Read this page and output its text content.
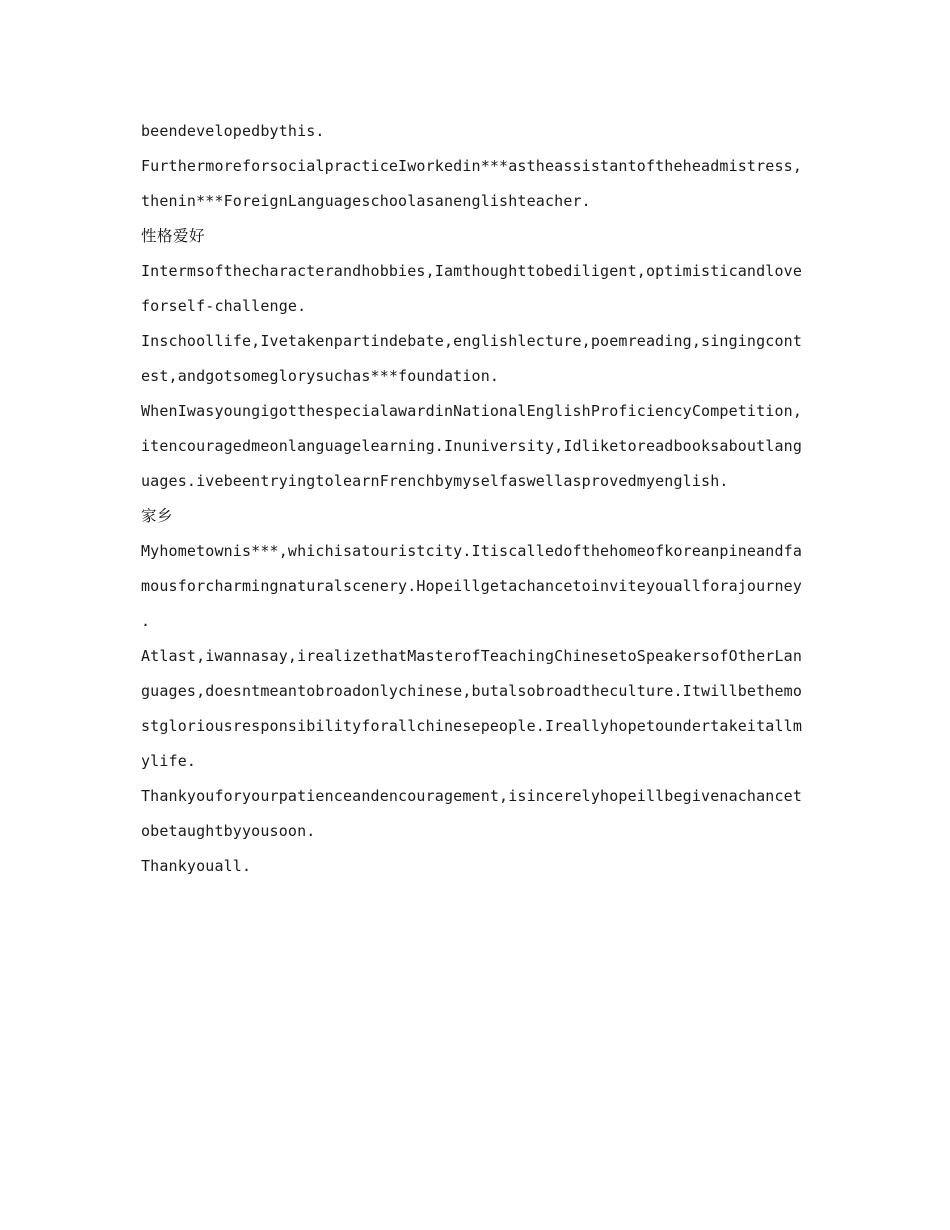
beendevelopedbythis.
FurthermoreforsocialpracticeIworkedin***astheassistantoftheheadmistress,
thenin***ForeignLanguageschoolasanenglishteacher.
性格爱好
Intermsofthecharacterandhobbies,Iamthoughttobediligent,optimisticandlove
forself-challenge.
Inschoollife,Ivetakenpartindebate,englishlecture,poemreading,singingcont
est,andgotsomeglorysuchas***foundation.
WhenIwasyoungigotthespecialawardinNationalEnglishProficiencyCompetition,
itencouragedmeonlanguagelearning.Inuniversity,Idliketoreadbooksaboutlang
uages.ivebeentryingtolearnFrenchbymyselfaswellasprovedmyenglish.
家乡
Myhometownis***,whichisatouristcity.Itiscalledofthehomeofkoreanpineandfa
mousforcharmingnaturalscenery.Hopeillgetachancetoinviteyouallforajourney
.
Atlast,iwannasay,irealizethatMasterofTeachingChinesetoSpeakersofOtherLan
guages,doesntmeantobroadonlychinese,butalsobroadtheculture.Itwillbethemo
stgloriousresponsibilityforallchinesepeople.Ireallyhopetoundertakeitallm
ylife.
Thankyouforyourpatienceandencouragement,isincerelyhopeillbegivenachancet
obetaughtbyyousoon.
Thankyouall.
